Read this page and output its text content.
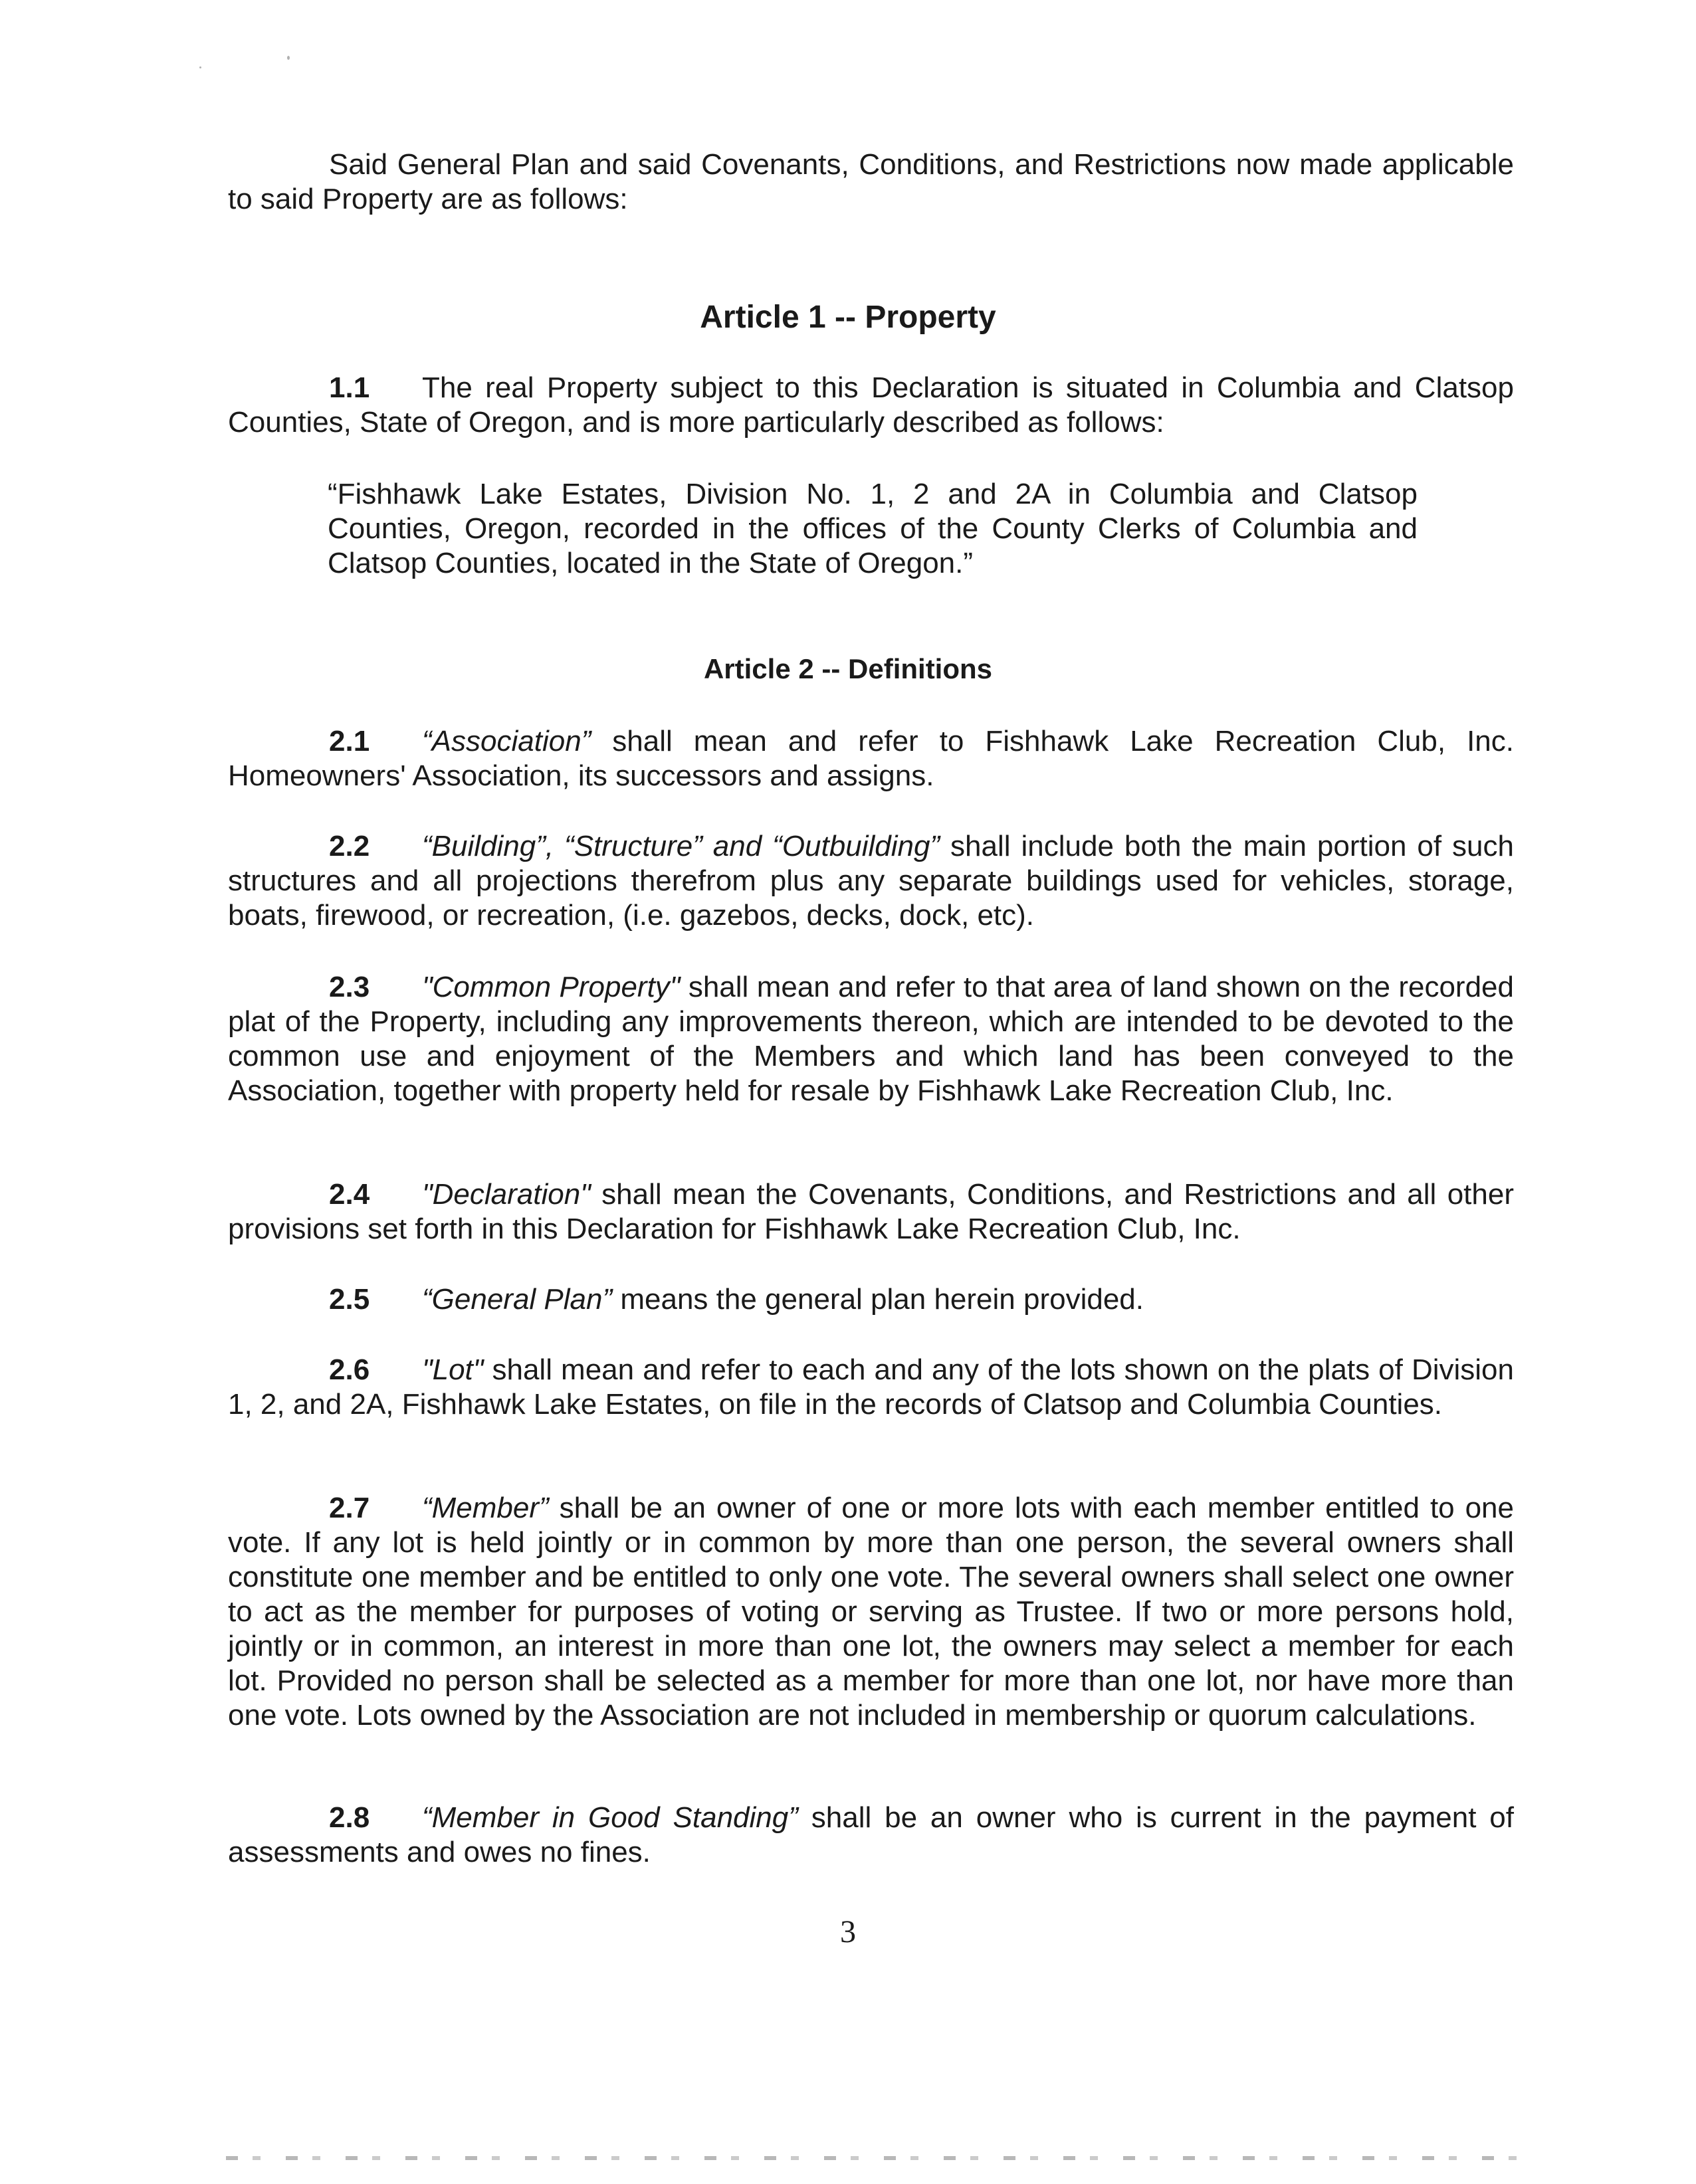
Said General Plan and said Covenants, Conditions, and Restrictions now made applicable to said Property are as follows:

Article 1 -- Property

1.1 The real Property subject to this Declaration is situated in Columbia and Clatsop Counties, State of Oregon, and is more particularly described as follows:

“Fishhawk Lake Estates, Division No. 1, 2 and 2A in Columbia and Clatsop Counties, Oregon, recorded in the offices of the County Clerks of Columbia and Clatsop Counties, located in the State of Oregon.”

Article 2 -- Definitions

2.1 “Association” shall mean and refer to Fishhawk Lake Recreation Club, Inc. Homeowners' Association, its successors and assigns.

2.2 “Building”, “Structure” and “Outbuilding” shall include both the main portion of such structures and all projections therefrom plus any separate buildings used for vehicles, storage, boats, firewood, or recreation, (i.e. gazebos, decks, dock, etc).

2.3 "Common Property" shall mean and refer to that area of land shown on the recorded plat of the Property, including any improvements thereon, which are intended to be devoted to the common use and enjoyment of the Members and which land has been conveyed to the Association, together with property held for resale by Fishhawk Lake Recreation Club, Inc.

2.4 "Declaration" shall mean the Covenants, Conditions, and Restrictions and all other provisions set forth in this Declaration for Fishhawk Lake Recreation Club, Inc.

2.5 “General Plan” means the general plan herein provided.

2.6 "Lot" shall mean and refer to each and any of the lots shown on the plats of Division 1, 2, and 2A, Fishhawk Lake Estates, on file in the records of Clatsop and Columbia Counties.

2.7 “Member” shall be an owner of one or more lots with each member entitled to one vote. If any lot is held jointly or in common by more than one person, the several owners shall constitute one member and be entitled to only one vote. The several owners shall select one owner to act as the member for purposes of voting or serving as Trustee. If two or more persons hold, jointly or in common, an interest in more than one lot, the owners may select a member for each lot. Provided no person shall be selected as a member for more than one lot, nor have more than one vote. Lots owned by the Association are not included in membership or quorum calculations.

2.8 “Member in Good Standing” shall be an owner who is current in the payment of assessments and owes no fines.

3
